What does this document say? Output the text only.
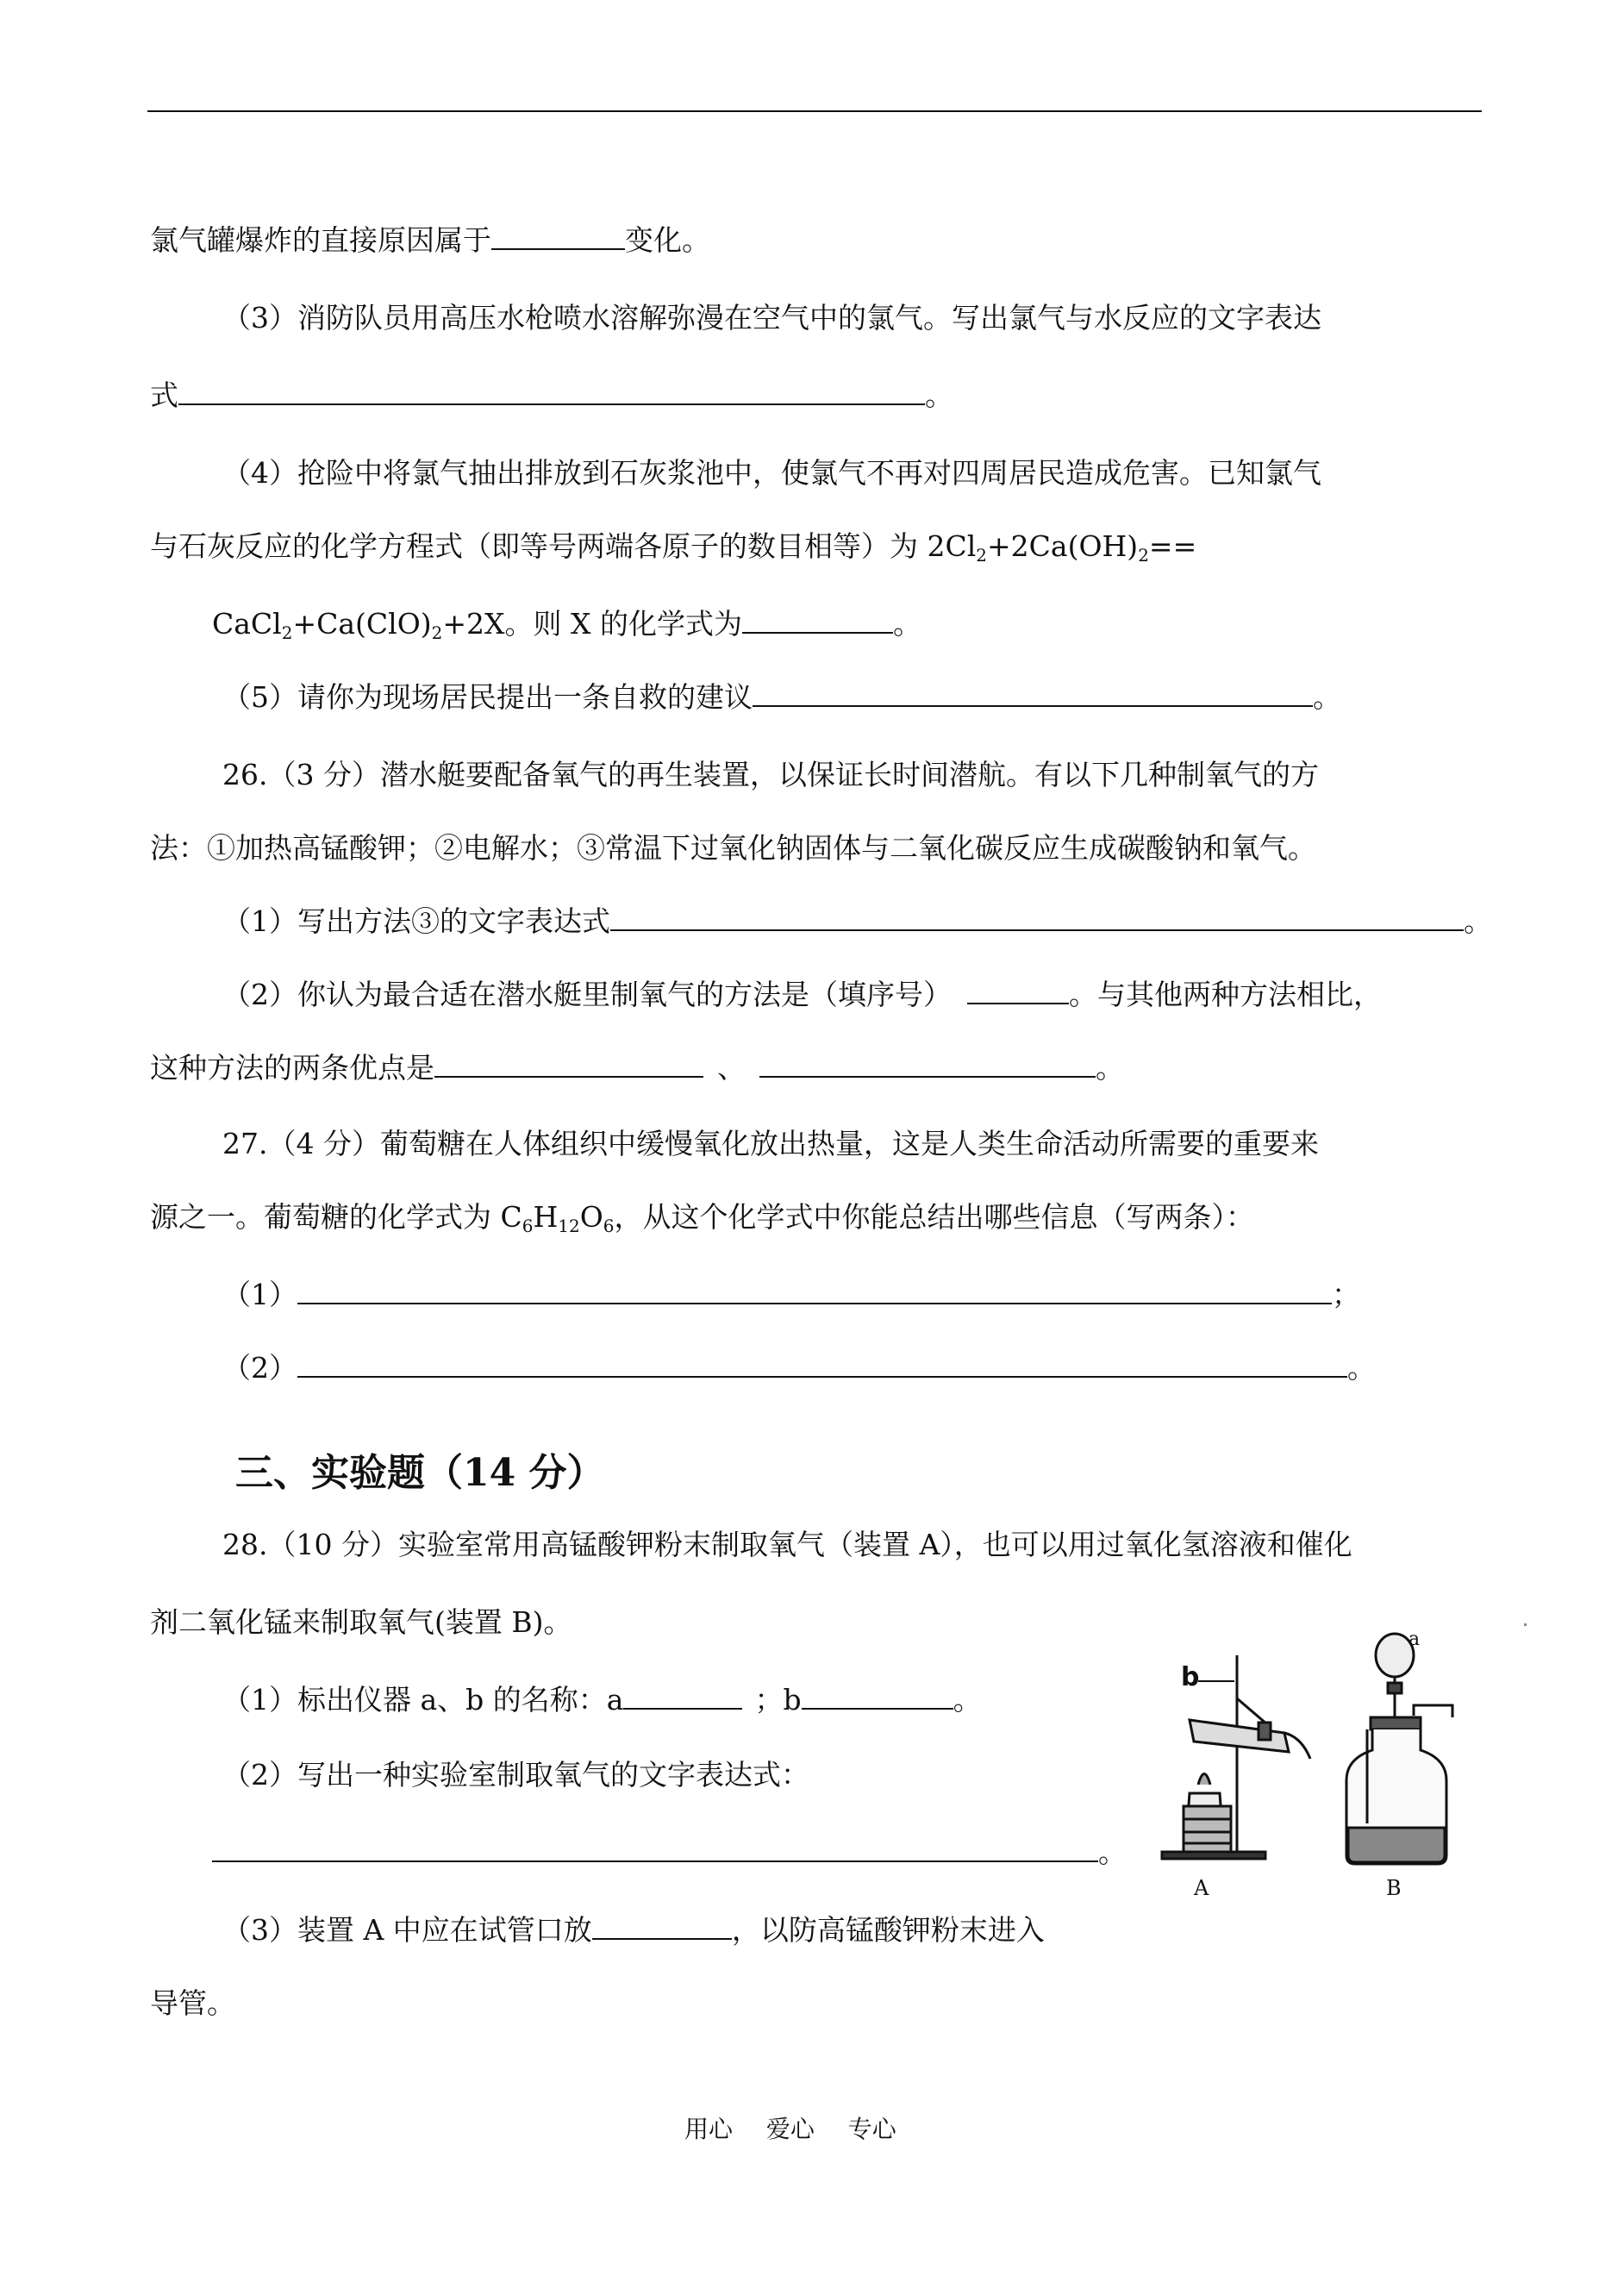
氯气罐爆炸的直接原因属于	变化。
（3）消防队员用高压水枪喷水溶解弥漫在空气中的氯气。写出氯气与水反应的文字表达
式	。
（4）抢险中将氯气抽出排放到石灰浆池中，使氯气不再对四周居民造成危害。已知氯气
与石灰反应的化学方程式（即等号两端各原子的数目相等）为 $2Cl_2+2Ca(OH)_2==$
$CaCl_2+Ca(ClO)_2+2X$。则 X 的化学式为	。
（5）请你为现场居民提出一条自救的建议	。
26.（3 分）潜水艇要配备氧气的再生装置，以保证长时间潜航。有以下几种制氧气的方
法：①加热高锰酸钾；②电解水；③常温下过氧化钠固体与二氧化碳反应生成碳酸钠和氧气。
（1）写出方法③的文字表达式	。
（2）你认为最合适在潜水艇里制氧气的方法是（填序号）	。与其他两种方法相比，
这种方法的两条优点是	、	。
27.（4 分）葡萄糖在人体组织中缓慢氧化放出热量，这是人类生命活动所需要的重要来
源之一。葡萄糖的化学式为 $C_6H_{12}O_6$，从这个化学式中你能总结出哪些信息（写两条）：
（1）	；
（2）	。
三、实验题（14 分）
28.（10 分）实验室常用高锰酸钾粉末制取氧气（装置 A），也可以用过氧化氢溶液和催化
剂二氧化锰来制取氧气(装置 B)。
（1）标出仪器 a、b 的名称：a	；b	。
（2）写出一种实验室制取氧气的文字表达式：
。
（3）装置 A 中应在试管口放	，以防高锰酸钾粉末进入
导管。
b
A
a
B
用心 爱心 专心
